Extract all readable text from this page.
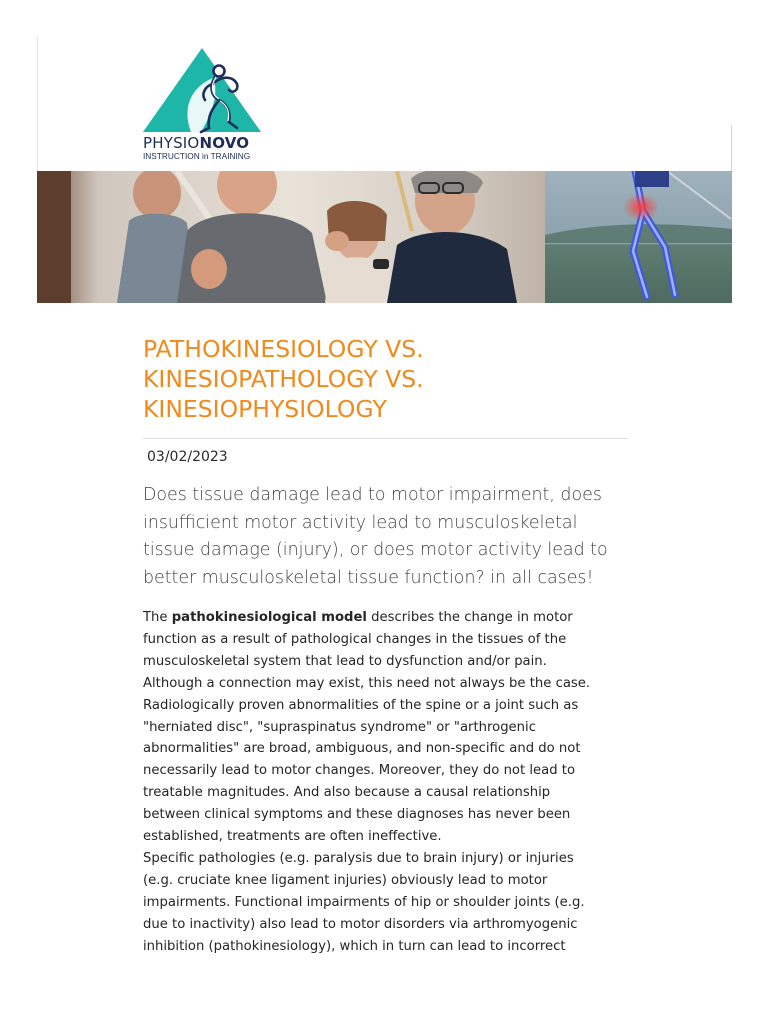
PHYSIONOVO
INSTRUCTION in TRAINING
PATHOKINESIOLOGY VS.
KINESIOPATHOLOGY VS.
KINESIOPHYSIOLOGY
03/02/2023
Does tissue damage lead to motor impairment, does
insufficient motor activity lead to musculoskeletal
tissue damage (injury), or does motor activity lead to
better musculoskeletal tissue function? in all cases!
The pathokinesiological model describes the change in motor
function as a result of pathological changes in the tissues of the
musculoskeletal system that lead to dysfunction and/or pain.
Although a connection may exist, this need not always be the case.
Radiologically proven abnormalities of the spine or a joint such as
"herniated disc", "supraspinatus syndrome" or "arthrogenic
abnormalities" are broad, ambiguous, and non-specific and do not
necessarily lead to motor changes. Moreover, they do not lead to
treatable magnitudes. And also because a causal relationship
between clinical symptoms and these diagnoses has never been
established, treatments are often ineffective.
Specific pathologies (e.g. paralysis due to brain injury) or injuries
(e.g. cruciate knee ligament injuries) obviously lead to motor
impairments. Functional impairments of hip or shoulder joints (e.g.
due to inactivity) also lead to motor disorders via arthromyogenic
inhibition (pathokinesiology), which in turn can lead to incorrect
